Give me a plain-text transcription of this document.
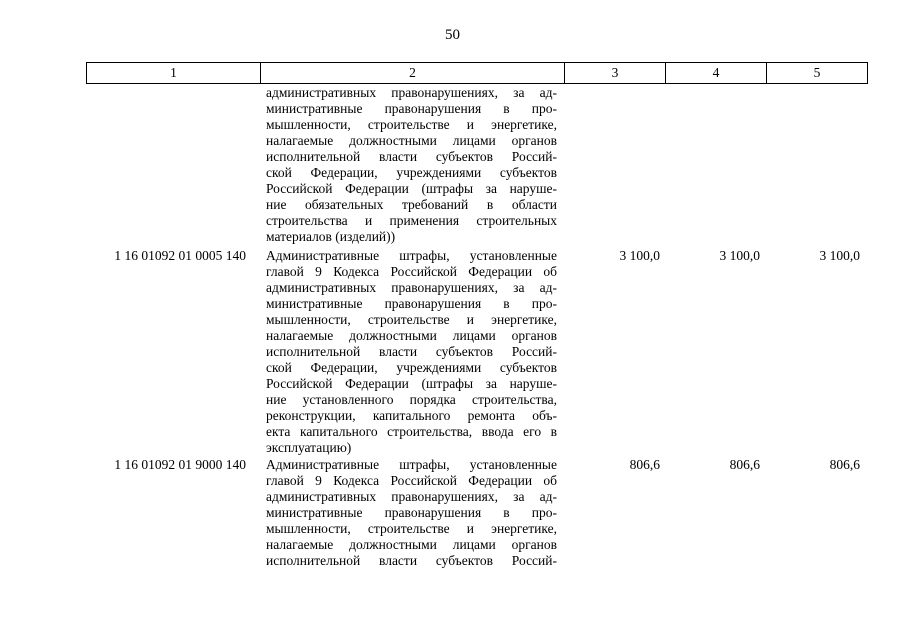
50
1	2	3	4	5
административных правонарушениях, за ад-
министративные правонарушения в про-
мышленности, строительстве и энергетике,
налагаемые должностными лицами органов
исполнительной власти субъектов Россий-
ской Федерации, учреждениями субъектов
Российской Федерации (штрафы за наруше-
ние обязательных требований в области
строительства и применения строительных
материалов (изделий))
1 16 01092 01 0005 140 Административные штрафы, установленные
главой 9 Кодекса Российской Федерации об
административных правонарушениях, за ад-
министративные правонарушения в про-
мышленности, строительстве и энергетике,
налагаемые должностными лицами органов
исполнительной власти субъектов Россий-
ской Федерации, учреждениями субъектов
Российской Федерации (штрафы за наруше-
ние установленного порядка строительства,
реконструкции, капитального ремонта объ-
екта капитального строительства, ввода его в
эксплуатацию)
3 100,0	3 100,0	3 100,0
1 16 01092 01 9000 140 Административные штрафы, установленные
главой 9 Кодекса Российской Федерации об
административных правонарушениях, за ад-
министративные правонарушения в про-
мышленности, строительстве и энергетике,
налагаемые должностными лицами органов
исполнительной власти субъектов Россий-
806,6	806,6	806,6
